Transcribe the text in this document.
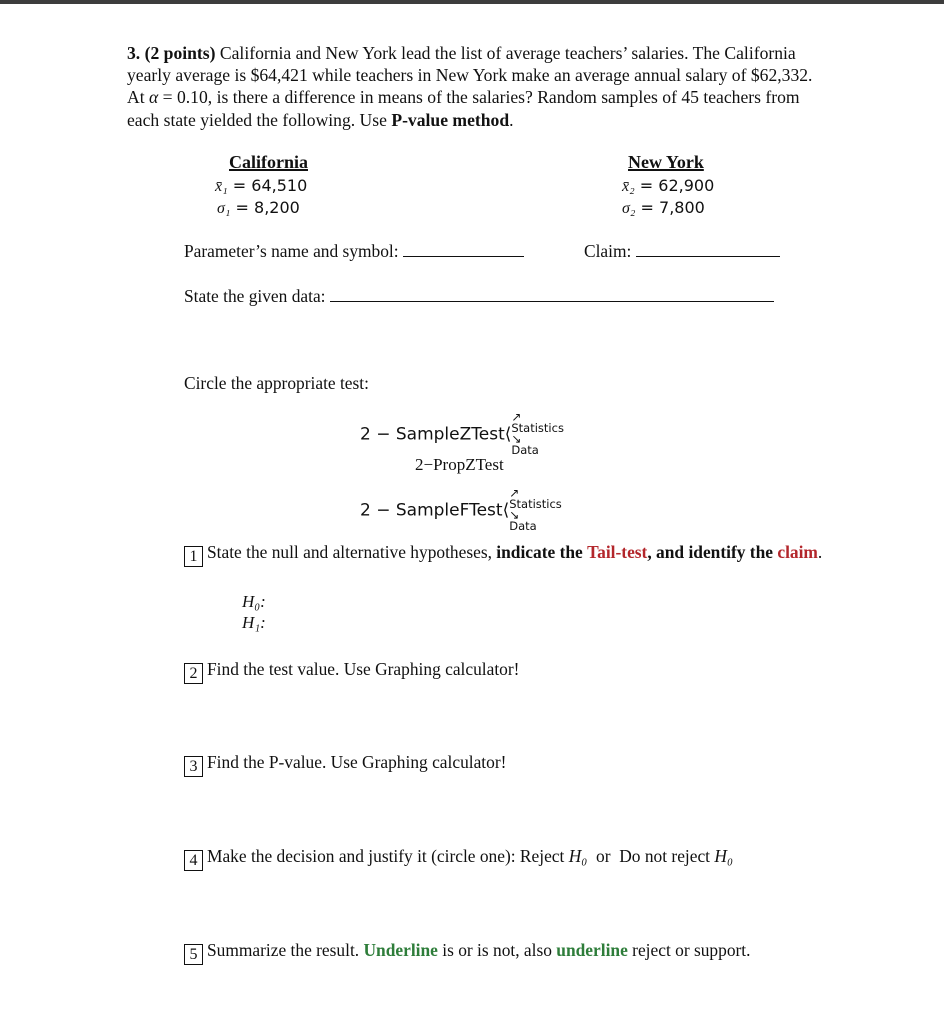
3. (2 points) California and New York lead the list of average teachers’ salaries. The California yearly average is $64,421 while teachers in New York make an average annual salary of $62,332. At α = 0.10, is there a difference in means of the salaries? Random samples of 45 teachers from each state yielded the following. Use P-value method.
California
x̄₁ = 64,510
σ₁ = 8,200
New York
x̄₂ = 62,900
σ₂ = 7,800
Parameter’s name and symbol:	Claim:
State the given data:
Circle the appropriate test:
2 − SampleZTest⟨
↗
Statistics
↘
Data
2−PropZTest
2 − SampleFTest⟨
↗
Statistics
↘
Data
1 State the null and alternative hypotheses, indicate the Tail-test, and identify the claim.
H₀:
H₁:
2 Find the test value. Use Graphing calculator!
3 Find the P-value. Use Graphing calculator!
4 Make the decision and justify it (circle one): Reject H₀ or Do not reject H₀
5 Summarize the result. Underline is or is not, also underline reject or support.
